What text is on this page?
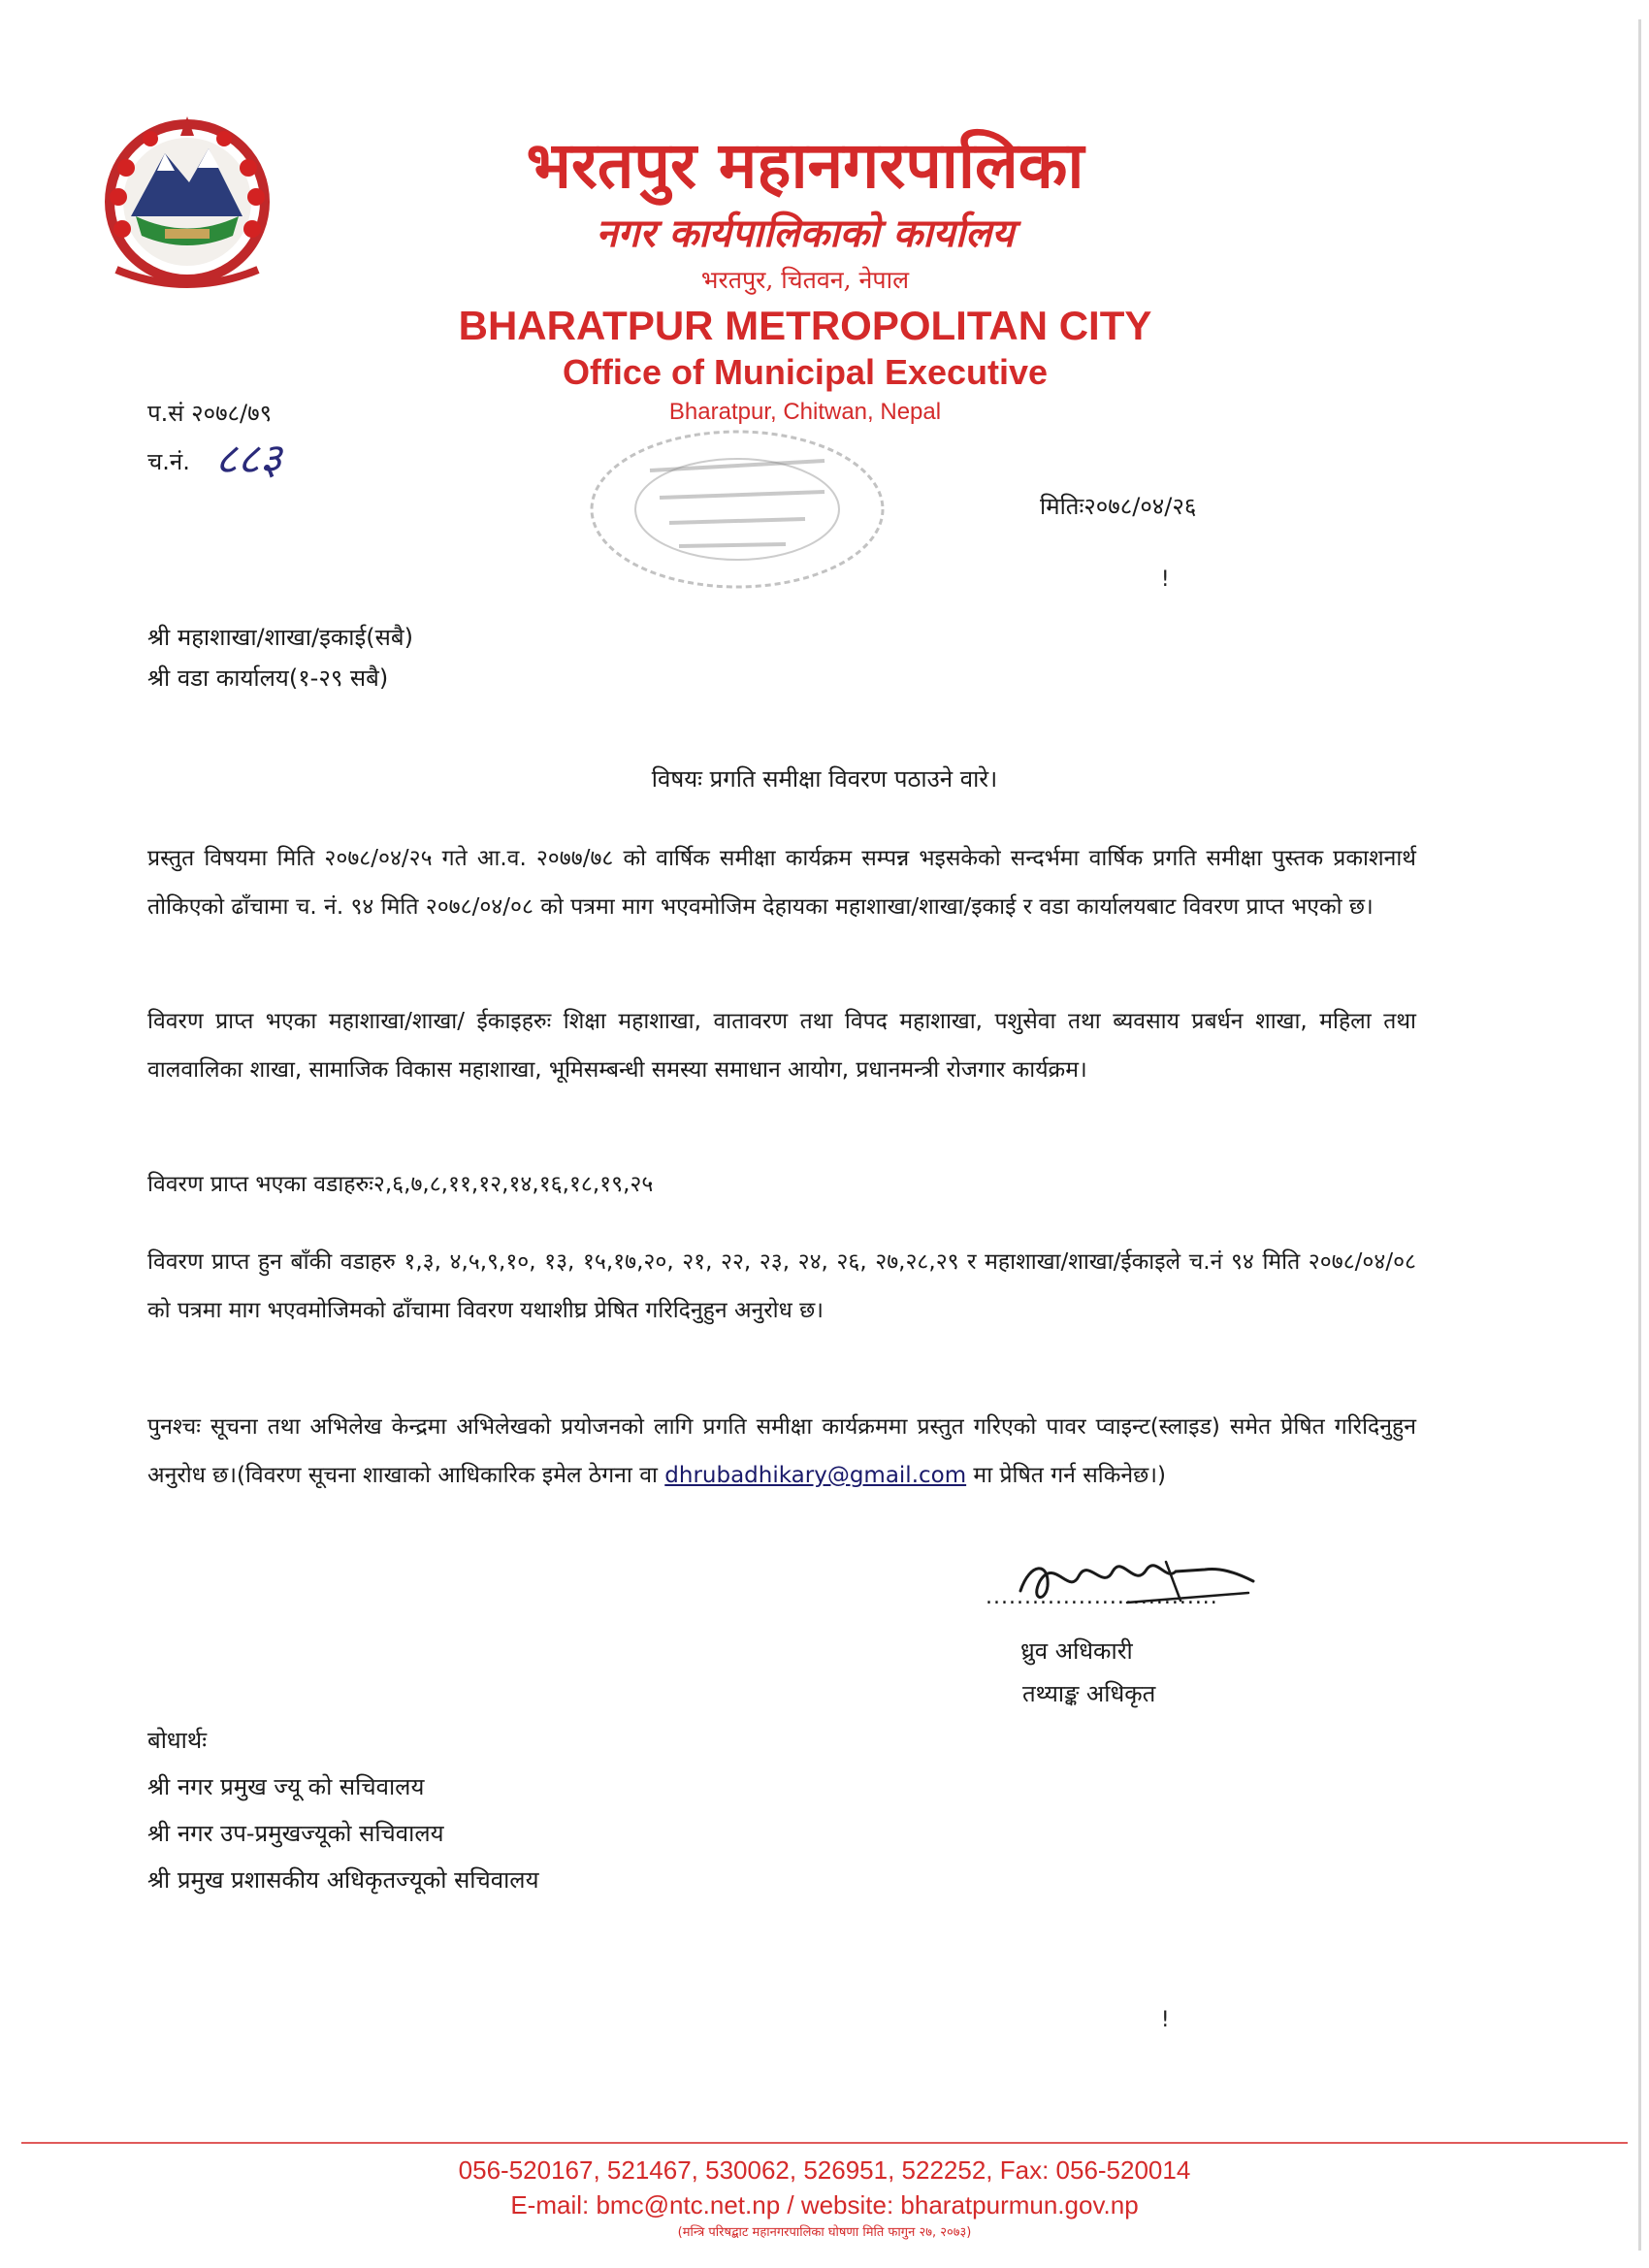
भरतपुर महानगरपालिका
नगर कार्यपालिकाको कार्यालय
भरतपुर, चितवन, नेपाल
BHARATPUR METROPOLITAN CITY
Office of Municipal Executive
Bharatpur, Chitwan, Nepal
प.सं २०७८/७९
च.नं. ८८३
मितिः२०७८/०४/२६
ǃ
श्री महाशाखा/शाखा/इकाई(सबै)
श्री वडा कार्यालय(१-२९ सबै)
विषयः प्रगति समीक्षा विवरण पठाउने वारे।
प्रस्तुत विषयमा मिति २०७८/०४/२५ गते आ.व. २०७७/७८ को वार्षिक समीक्षा कार्यक्रम सम्पन्न भइसकेको सन्दर्भमा वार्षिक प्रगति समीक्षा पुस्तक प्रकाशनार्थ तोकिएको ढाँचामा च. नं. ९४ मिति २०७८/०४/०८ को पत्रमा माग भएवमोजिम देहायका महाशाखा/शाखा/इकाई र वडा कार्यालयबाट विवरण प्राप्त भएको छ।
विवरण प्राप्त भएका महाशाखा/शाखा/ ईकाइहरुः शिक्षा महाशाखा, वातावरण तथा विपद महाशाखा, पशुसेवा तथा ब्यवसाय प्रबर्धन शाखा, महिला तथा वालवालिका शाखा, सामाजिक विकास महाशाखा, भूमिसम्बन्धी समस्या समाधान आयोग, प्रधानमन्त्री रोजगार कार्यक्रम।
विवरण प्राप्त भएका वडाहरुः२,६,७,८,११,१२,१४,१६,१८,१९,२५
विवरण प्राप्त हुन बाँकी वडाहरु १,३, ४,५,९,१०, १३, १५,१७,२०, २१, २२, २३, २४, २६, २७,२८,२९ र महाशाखा/शाखा/ईकाइले च.नं ९४ मिति २०७८/०४/०८ को पत्रमा माग भएवमोजिमको ढाँचामा विवरण यथाशीघ्र प्रेषित गरिदिनुहुन अनुरोध छ।
पुनश्चः सूचना तथा अभिलेख केन्द्रमा अभिलेखको प्रयोजनको लागि प्रगति समीक्षा कार्यक्रममा प्रस्तुत गरिएको पावर प्वाइन्ट(स्लाइड) समेत प्रेषित गरिदिनुहुन अनुरोध छ।(विवरण सूचना शाखाको आधिकारिक इमेल ठेगना वा dhrubadhikary@gmail.com मा प्रेषित गर्न सकिनेछ।)
..............................
ध्रुव अधिकारी
तथ्याङ्क अधिकृत
बोधार्थः
श्री नगर प्रमुख ज्यू को सचिवालय
श्री नगर उप-प्रमुखज्यूको सचिवालय
श्री प्रमुख प्रशासकीय अधिकृतज्यूको सचिवालय
ǃ
056-520167, 521467, 530062, 526951, 522252, Fax: 056-520014
E-mail: bmc@ntc.net.np / website: bharatpurmun.gov.np
(मन्त्रि परिषद्बाट महानगरपालिका घोषणा मिति फागुन २७, २०७३)
